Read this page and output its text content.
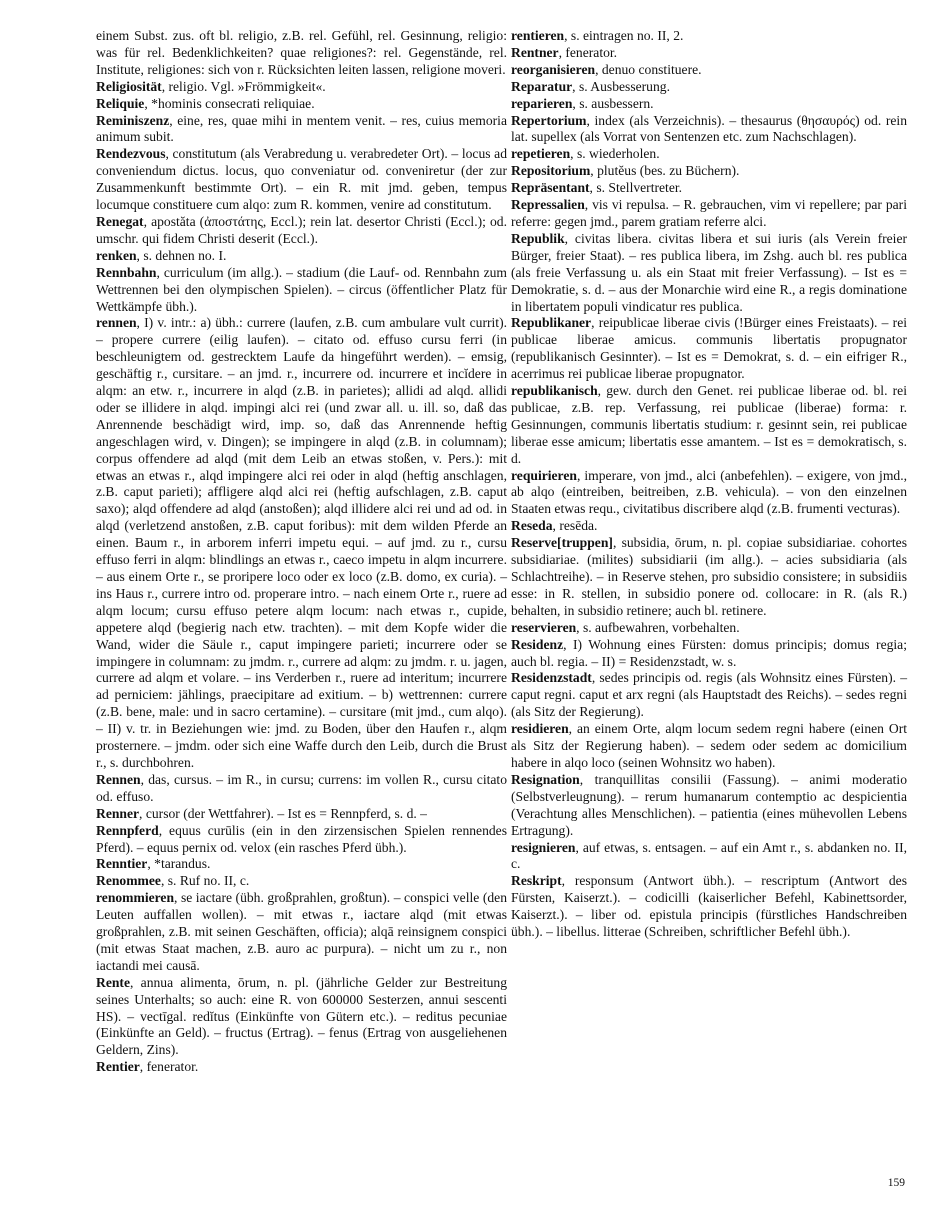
einem Subst. zus. oft bl. religio, z.B. rel. Gefühl, rel. Gesinnung, religio: was für rel. Bedenklichkeiten? quae religiones?: rel. Gegenstände, rel. Institute, religiones: sich von r. Rücksichten leiten lassen, religione moveri.

Religiosität, religio. Vgl. »Frömmigkeit«.

Reliquie, *hominis consecrati reliquiae.

Reminiszenz, eine, res, quae mihi in mentem venit. – res, cuius memoria animum subit.

Rendezvous, constitutum (als Verabredung u. verabredeter Ort). – locus ad conveniendum dictus. locus, quo conveniatur od. conveniretur (der zur Zusammenkunft bestimmte Ort). – ein R. mit jmd. geben, tempus locumque constituere cum alqo: zum R. kommen, venire ad constitutum.

Renegat, apostăta (ἀποστάτης, Eccl.); rein lat. desertor Christi (Eccl.); od. umschr. qui fidem Christi deserit (Eccl.).

renken, s. dehnen no. I.

Rennbahn, curriculum (im allg.). – stadium (die Lauf- od. Rennbahn zum Wettrennen bei den olympischen Spielen). – circus (öffentlicher Platz für Wettkämpfe übh.).

rennen, I) v. intr.: a) übh.: currere (laufen, z.B. cum ambulare vult currit). – propere currere (eilig laufen). – citato od. effuso cursu ferri (in beschleunigtem od. gestrecktem Laufe da hingeführt werden). – emsig, geschäftig r., cursitare. – an jmd. r., incurrere od. incurrere et incĭdere in alqm: an etw. r., incurrere in alqd (z.B. in parietes); allidi ad alqd. allidi oder se illidere in alqd. impingi alci rei (und zwar all. u. ill. so, daß das Anrennende beschädigt wird, imp. so, daß das Anrennende heftig angeschlagen wird, v. Dingen); se impingere in alqd (z.B. in columnam); corpus offendere ad alqd (mit dem Leib an etwas stoßen, v. Pers.): mit etwas an etwas r., alqd impingere alci rei oder in alqd (heftig anschlagen, z.B. caput parieti); affligere alqd alci rei (heftig aufschlagen, z.B. caput saxo); alqd offendere ad alqd (anstoßen); alqd illidere alci rei und ad od. in alqd (verletzend anstoßen, z.B. caput foribus): mit dem wilden Pferde an einen. Baum r., in arborem inferri impetu equi. – auf jmd. zu r., cursu effuso ferri in alqm: blindlings an etwas r., caeco impetu in alqm incurrere. – aus einem Orte r., se proripere loco oder ex loco (z.B. domo, ex curia). – ins Haus r., currere intro od. properare intro. – nach einem Orte r., ruere ad alqm locum; cursu effuso petere alqm locum: nach etwas r., cupide, appetere alqd (begierig nach etw. trachten). – mit dem Kopfe wider die Wand, wider die Säule r., caput impingere parieti; incurrere oder se impingere in columnam: zu jmdm. r., currere ad alqm: zu jmdm. r. u. jagen, currere ad alqm et volare. – ins Verderben r., ruere ad interitum; incurrere ad perniciem: jählings, praecipitare ad exitium. – b) wettrennen: currere (z.B. bene, male: und in sacro certamine). – cursitare (mit jmd., cum alqo). – II) v. tr. in Beziehungen wie: jmd. zu Boden, über den Haufen r., alqm prosternere. – jmdm. oder sich eine Waffe durch den Leib, durch die Brust r., s. durchbohren.

Rennen, das, cursus. – im R., in cursu; currens: im vollen R., cursu citato od. effuso.

Renner, cursor (der Wettfahrer). – Ist es = Rennpferd, s. d. –

Rennpferd, equus curūlis (ein in den zirzensischen Spielen rennendes Pferd). – equus pernix od. velox (ein rasches Pferd übh.).

Renntier, *tarandus.

Renommee, s. Ruf no. II, c.

renommieren, se iactare (übh. großprahlen, großtun). – conspici velle (den Leuten auffallen wollen). – mit etwas r., iactare alqd (mit etwas großprahlen, z.B. mit seinen Geschäften, officia); alqā reinsignem conspici (mit etwas Staat machen, z.B. auro ac purpura). – nicht um zu r., non iactandi mei causā.

Rente, annua alimenta, ōrum, n. pl. (jährliche Gelder zur Bestreitung seines Unterhalts; so auch: eine R. von 600000 Sesterzen, annui sescenti HS). – vectīgal. redĭtus (Einkünfte von Gütern etc.). – reditus pecuniae (Einkünfte an Geld). – fructus (Ertrag). – fenus (Ertrag von ausgeliehenen Geldern, Zins).

Rentier, fenerator.

rentieren, s. eintragen no. II, 2.

Rentner, fenerator.

reorganisieren, denuo constituere.

Reparatur, s. Ausbesserung.

reparieren, s. ausbessern.

Repertorium, index (als Verzeichnis). – thesaurus (θησαυρός) od. rein lat. supellex (als Vorrat von Sentenzen etc. zum Nachschlagen).

repetieren, s. wiederholen.

Repositorium, plutĕus (bes. zu Büchern).

Repräsentant, s. Stellvertreter.

Repressalien, vis vi repulsa. – R. gebrauchen, vim vi repellere; par pari referre: gegen jmd., parem gratiam referre alci.

Republik, civitas libera. civitas libera et sui iuris (als Verein freier Bürger, freier Staat). – res publica libera, im Zshg. auch bl. res publica (als freie Verfassung u. als ein Staat mit freier Verfassung). – Ist es = Demokratie, s. d. – aus der Monarchie wird eine R., a regis dominatione in libertatem populi vindicatur res publica.

Republikaner, reipublicae liberae civis (!Bürger eines Freistaats). – rei publicae liberae amicus. communis libertatis propugnator (republikanisch Gesinnter). – Ist es = Demokrat, s. d. – ein eifriger R., acerrimus rei publicae liberae propugnator.

republikanisch, gew. durch den Genet. rei publicae liberae od. bl. rei publicae, z.B. rep. Verfassung, rei publicae (liberae) forma: r. Gesinnungen, communis libertatis studium: r. gesinnt sein, rei publicae liberae esse amicum; libertatis esse amantem. – Ist es = demokratisch, s. d.

requirieren, imperare, von jmd., alci (anbefehlen). – exigere, von jmd., ab alqo (eintreiben, beitreiben, z.B. vehicula). – von den einzelnen Staaten etwas requ., civitatibus discribere alqd (z.B. frumenti vecturas).

Reseda, resēda.

Reserve[truppen], subsidia, ōrum, n. pl. copiae subsidiariae. cohortes subsidiariae. (milites) subsidiarii (im allg.). – acies subsidiaria (als Schlachtreihe). – in Reserve stehen, pro subsidio consistere; in subsidiis esse: in R. stellen, in subsidio ponere od. collocare: in R. (als R.) behalten, in subsidio retinere; auch bl. retinere.

reservieren, s. aufbewahren, vorbehalten.

Residenz, I) Wohnung eines Fürsten: domus principis; domus regia; auch bl. regia. – II) = Residenzstadt, w. s.

Residenzstadt, sedes principis od. regis (als Wohnsitz eines Fürsten). – caput regni. caput et arx regni (als Hauptstadt des Reichs). – sedes regni (als Sitz der Regierung).

residieren, an einem Orte, alqm locum sedem regni habere (einen Ort als Sitz der Regierung haben). – sedem oder sedem ac domicilium habere in alqo loco (seinen Wohnsitz wo haben).

Resignation, tranquillitas consilii (Fassung). – animi moderatio (Selbstverleugnung). – rerum humanarum contemptio ac despicientia (Verachtung alles Menschlichen). – patientia (eines mühevollen Lebens Ertragung).

resignieren, auf etwas, s. entsagen. – auf ein Amt r., s. abdanken no. II, c.

Reskript, responsum (Antwort übh.). – rescriptum (Antwort des Fürsten, Kaiserzt.). – codicilli (kaiserlicher Befehl, Kabinettsorder, Kaiserzt.). – liber od. epistula principis (fürstliches Handschreiben übh.). – libellus. litterae (Schreiben, schriftlicher Befehl übh.).

159
